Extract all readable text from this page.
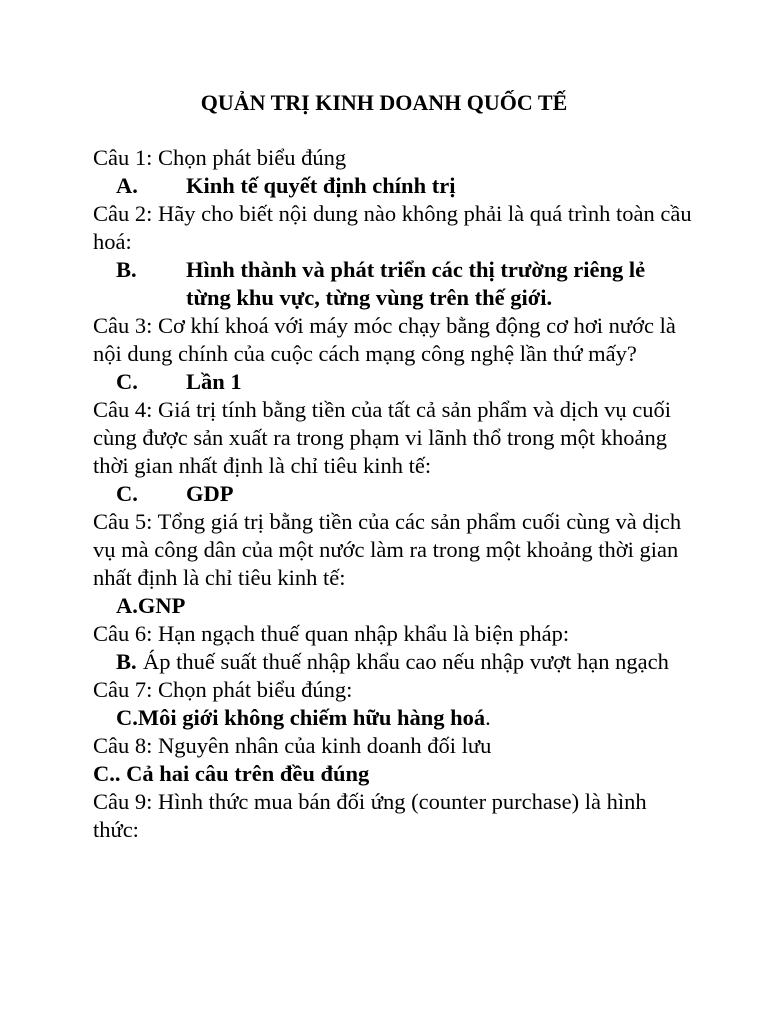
QUẢN TRỊ KINH DOANH QUỐC TẾ

Câu 1: Chọn phát biểu đúng

A. Kinh tế quyết định chính trị

Câu 2: Hãy cho biết nội dung nào không phải là quá trình toàn cầu hoá:

B. Hình thành và phát triển các thị trường riêng lẻ từng khu vực, từng vùng trên thế giới.

Câu 3: Cơ khí khoá với máy móc chạy bằng động cơ hơi nước là nội dung chính của cuộc cách mạng công nghệ lần thứ mấy?

C. Lần 1

Câu 4: Giá trị tính bằng tiền của tất cả sản phẩm và dịch vụ cuối cùng được sản xuất ra trong phạm vi lãnh thổ trong một khoảng thời gian nhất định là chỉ tiêu kinh tế:

C. GDP

Câu 5: Tổng giá trị bằng tiền của các sản phẩm cuối cùng và dịch vụ mà công dân của một nước làm ra trong một khoảng thời gian nhất định là chỉ tiêu kinh tế:

A.GNP

Câu 6: Hạn ngạch thuế quan nhập khẩu là biện pháp:

B. Áp thuế suất thuế nhập khẩu cao nếu nhập vượt hạn ngạch

Câu 7: Chọn phát biểu đúng:

C.Môi giới không chiếm hữu hàng hoá.

Câu 8: Nguyên nhân của kinh doanh đối lưu

C.. Cả hai câu trên đều đúng

Câu 9: Hình thức mua bán đối ứng (counter purchase) là hình thức:
